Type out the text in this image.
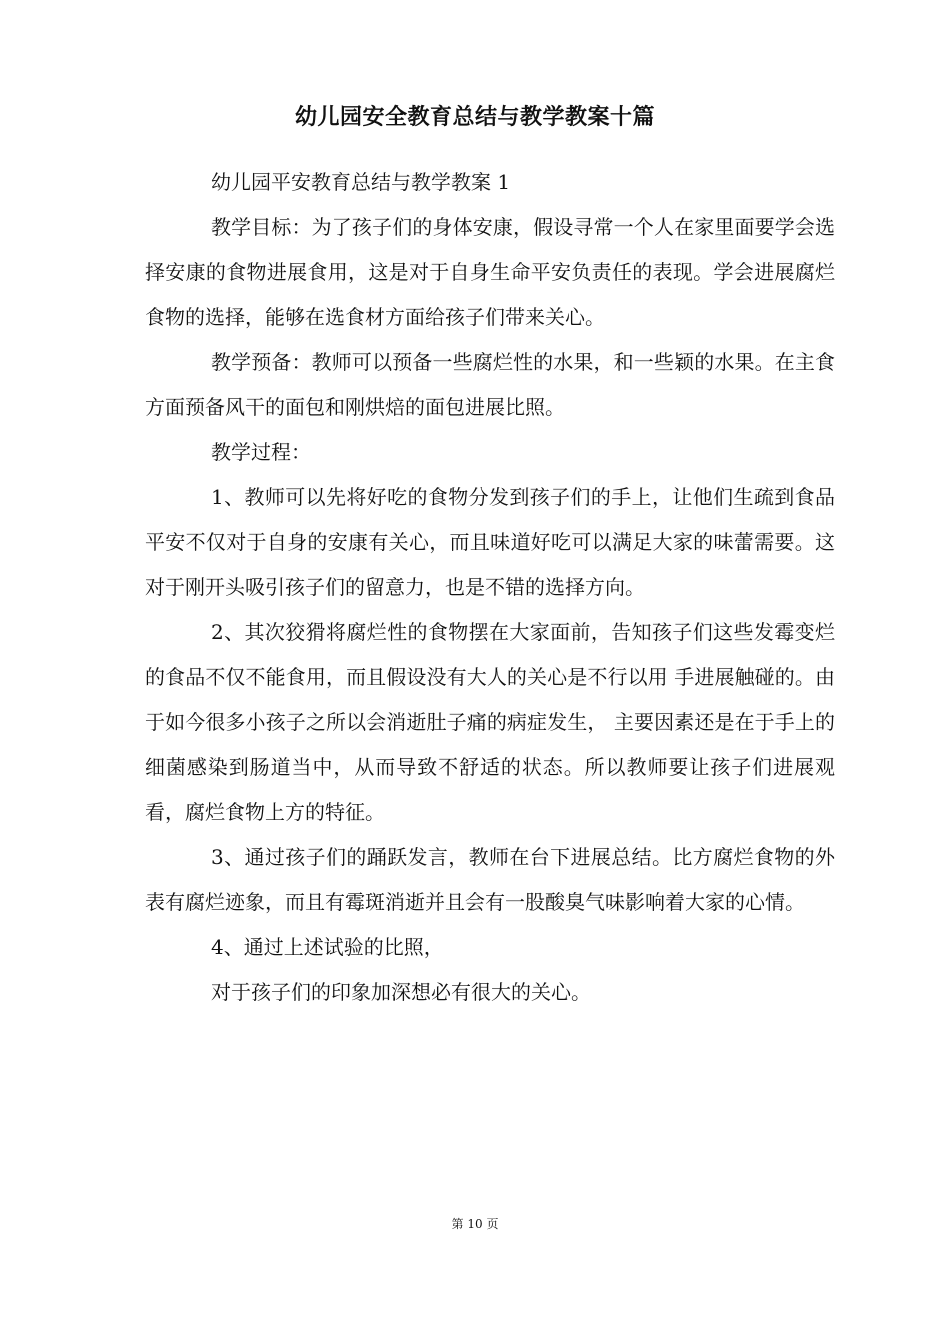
幼儿园安全教育总结与教学教案十篇

幼儿园平安教育总结与教学教案 1

教学目标：为了孩子们的身体安康，假设寻常一个人在家里面要学会选择安康的食物进展食用，这是对于自身生命平安负责任的表现。学会进展腐烂食物的选择，能够在选食材方面给孩子们带来关心。

教学预备：教师可以预备一些腐烂性的水果，和一些颖的水果。在主食方面预备风干的面包和刚烘焙的面包进展比照。

教学过程：

1、教师可以先将好吃的食物分发到孩子们的手上，让他们生疏到食品平安不仅对于自身的安康有关心，而且味道好吃可以满足大家的味蕾需要。这对于刚开头吸引孩子们的留意力，也是不错的选择方向。

2、其次狡猾将腐烂性的食物摆在大家面前，告知孩子们这些发霉变烂的食品不仅不能食用，而且假设没有大人的关心是不行以用 手进展触碰的。由于如今很多小孩子之所以会消逝肚子痛的病症发生， 主要因素还是在于手上的细菌感染到肠道当中，从而导致不舒适的状态。所以教师要让孩子们进展观看，腐烂食物上方的特征。

3、通过孩子们的踊跃发言，教师在台下进展总结。比方腐烂食物的外表有腐烂迹象，而且有霉斑消逝并且会有一股酸臭气味影响着大家的心情。

4、通过上述试验的比照，

对于孩子们的印象加深想必有很大的关心。

第 10 页
